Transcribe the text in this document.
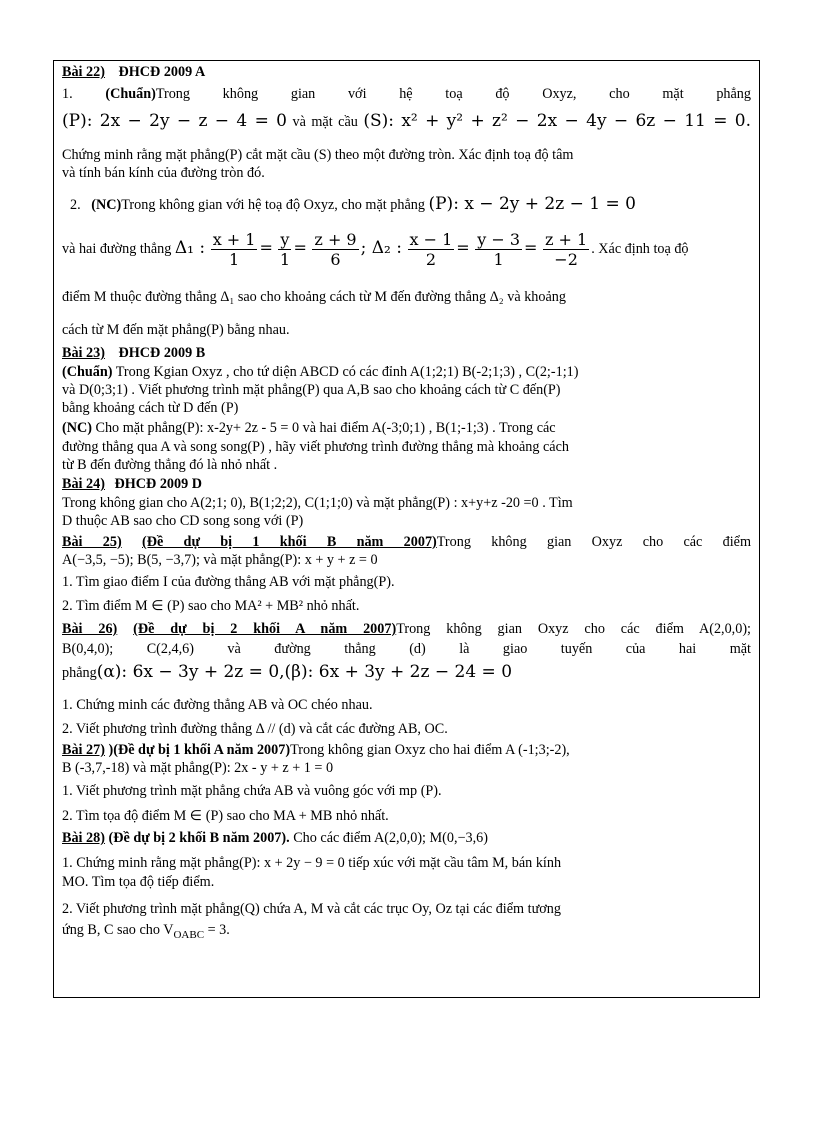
Bài 22) ĐHCĐ 2009 A
1. (Chuẩn)Trong không gian với hệ toạ độ Oxyz, cho mặt phẳng
(P): 2x − 2y − z − 4 = 0 và mặt cầu (S): x² + y² + z² − 2x − 4y − 6z − 11 = 0.
Chứng minh rằng mặt phẳng(P) cắt mặt cầu (S) theo một đường tròn. Xác định toạ độ tâm
và tính bán kính của đường tròn đó.
2. (NC)Trong không gian với hệ toạ độ Oxyz, cho mặt phẳng (P): x − 2y + 2z − 1 = 0
và hai đường thẳng Δ₁ : $\frac{x + 1}{1} = \frac{y}{1} = \frac{z + 9}{6}$ ; Δ₂ : $\frac{x - 1}{2} = \frac{y - 3}{1} = \frac{z + 1}{-2}$ . Xác định toạ độ
điểm M thuộc đường thẳng Δ₁ sao cho khoảng cách từ M đến đường thẳng Δ₂ và khoảng
cách từ M đến mặt phẳng(P) bằng nhau.
Bài 23) ĐHCĐ 2009 B
(Chuẩn) Trong Kgian Oxyz , cho tứ diện ABCD có các đỉnh A(1;2;1) B(-2;1;3) , C(2;-1;1)
và D(0;3;1) . Viết phương trình mặt phẳng(P) qua A,B sao cho khoảng cách từ C đến(P)
bằng khoảng cách từ D đến (P)
(NC) Cho mặt phẳng(P): x-2y+ 2z - 5 = 0 và hai điểm A(-3;0;1) , B(1;-1;3) . Trong các
đường thẳng qua A và song song(P) , hãy viết phương trình đường thẳng mà khoảng cách
từ B đến đường thẳng đó là nhỏ nhất .
Bài 24) ĐHCĐ 2009 D
Trong không gian cho A(2;1; 0), B(1;2;2), C(1;1;0) và mặt phẳng(P) : x+y+z -20 =0 . Tìm
D thuộc AB sao cho CD song song với (P)
Bài 25) (Đề dự bị 1 khối B năm 2007)Trong không gian Oxyz cho các điểm
A(−3,5, −5); B(5, −3,7); và mặt phẳng(P): x + y + z = 0
1. Tìm giao điểm I của đường thẳng AB với mặt phẳng(P).
2. Tìm điểm M ∈ (P) sao cho MA² + MB² nhỏ nhất.
Bài 26) (Đề dự bị 2 khối A năm 2007)Trong không gian Oxyz cho các điểm A(2,0,0);
B(0,4,0); C(2,4,6) và đường thẳng (d) là giao tuyến của hai mặt
phẳng(α): 6x − 3y + 2z = 0,(β): 6x + 3y + 2z − 24 = 0
1. Chứng minh các đường thẳng AB và OC chéo nhau.
2. Viết phương trình đường thẳng Δ // (d) và cắt các đường AB, OC.
Bài 27) )(Đề dự bị 1 khối A năm 2007)Trong không gian Oxyz cho hai điểm A (-1;3;-2),
B (-3,7,-18) và mặt phẳng(P): 2x - y + z + 1 = 0
1. Viết phương trình mặt phẳng chứa AB và vuông góc với mp (P).
2. Tìm tọa độ điểm M ∈ (P) sao cho MA + MB nhỏ nhất.
Bài 28) (Đề dự bị 2 khối B năm 2007). Cho các điểm A(2,0,0); M(0,−3,6)
1. Chứng minh rằng mặt phẳng(P): x + 2y − 9 = 0 tiếp xúc với mặt cầu tâm M, bán kính
MO. Tìm tọa độ tiếp điểm.
2. Viết phương trình mặt phẳng(Q) chứa A, M và cắt các trục Oy, Oz tại các điểm tương
ứng B, C sao cho $V_{OABC} = 3$.
